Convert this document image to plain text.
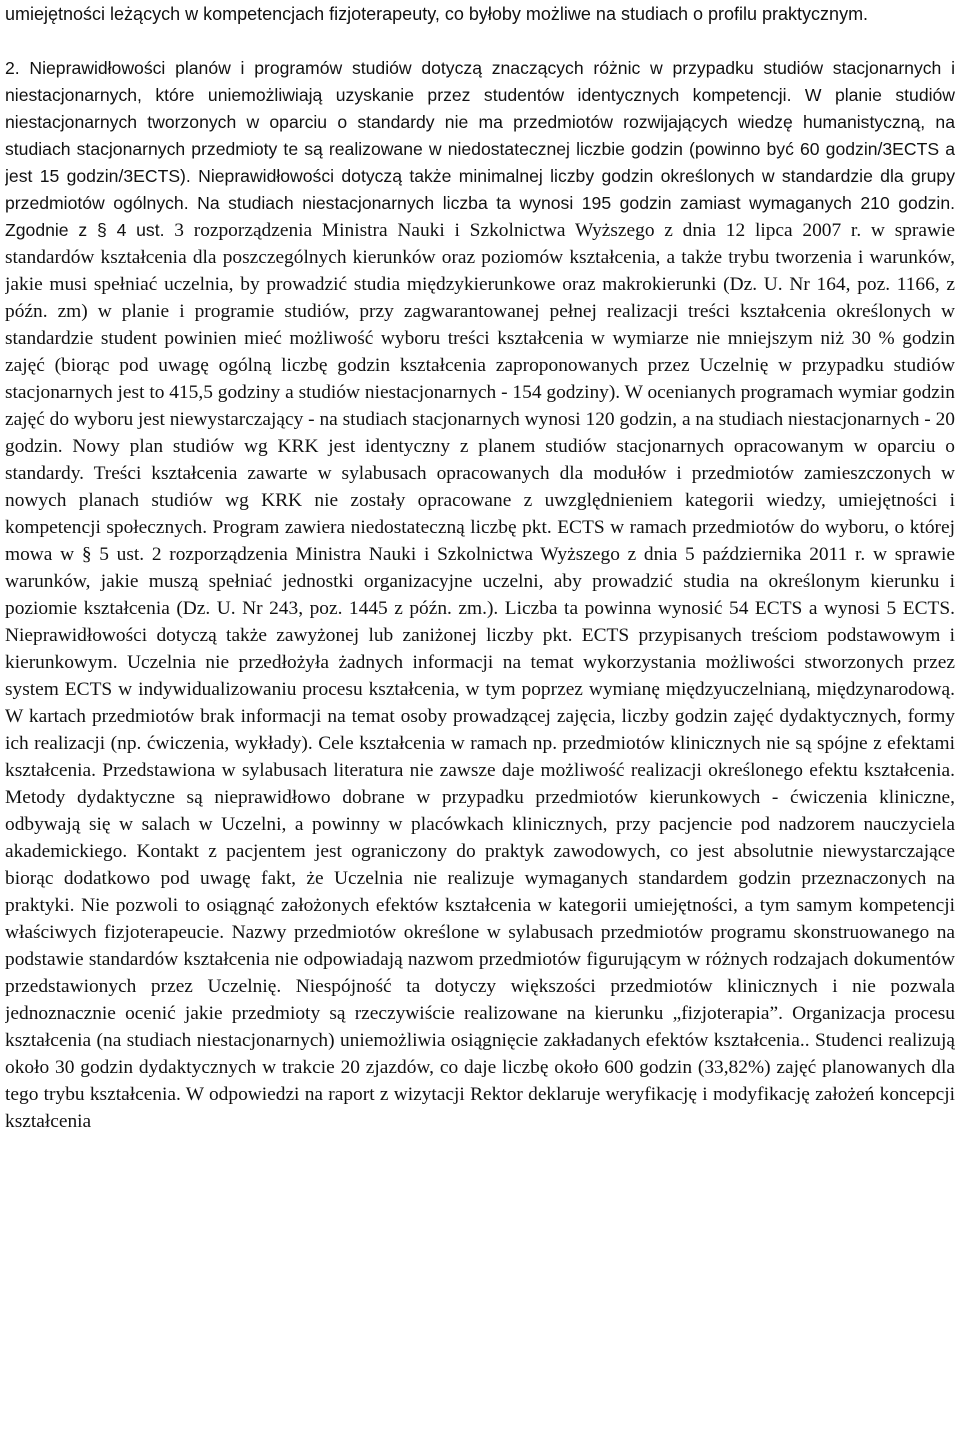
umiejętności leżących w kompetencjach fizjoterapeuty, co byłoby możliwe na studiach o profilu praktycznym.

2. Nieprawidłowości planów i programów studiów dotyczą znaczących różnic w przypadku studiów stacjonarnych i niestacjonarnych, które uniemożliwiają uzyskanie przez studentów identycznych kompetencji. W planie studiów niestacjonarnych tworzonych w oparciu o standardy nie ma przedmiotów rozwijających wiedzę humanistyczną, na studiach stacjonarnych przedmioty te są realizowane w niedostatecznej liczbie godzin (powinno być 60 godzin/3ECTS a jest 15 godzin/3ECTS). Nieprawidłowości dotyczą także minimalnej liczby godzin określonych w standardzie dla grupy przedmiotów ogólnych. Na studiach niestacjonarnych liczba ta wynosi 195 godzin zamiast wymaganych 210 godzin. Zgodnie z § 4 ust. 3 rozporządzenia Ministra Nauki i Szkolnictwa Wyższego z dnia 12 lipca 2007 r. w sprawie standardów kształcenia dla poszczególnych kierunków oraz poziomów kształcenia, a także trybu tworzenia i warunków, jakie musi spełniać uczelnia, by prowadzić studia międzykierunkowe oraz makrokierunki (Dz. U. Nr 164, poz. 1166, z późn. zm) w planie i programie studiów, przy zagwarantowanej pełnej realizacji treści kształcenia określonych w standardzie student powinien mieć możliwość wyboru treści kształcenia w wymiarze nie mniejszym niż 30 % godzin zajęć (biorąc pod uwagę ogólną liczbę godzin kształcenia zaproponowanych przez Uczelnię w przypadku studiów stacjonarnych jest to 415,5 godziny a studiów niestacjonarnych - 154 godziny). W ocenianych programach wymiar godzin zajęć do wyboru jest niewystarczający - na studiach stacjonarnych wynosi 120 godzin, a na studiach niestacjonarnych - 20 godzin. Nowy plan studiów wg KRK jest identyczny z planem studiów stacjonarnych opracowanym w oparciu o standardy. Treści kształcenia zawarte w sylabusach opracowanych dla modułów i przedmiotów zamieszczonych w nowych planach studiów wg KRK nie zostały opracowane z uwzględnieniem kategorii wiedzy, umiejętności i kompetencji społecznych. Program zawiera niedostateczną liczbę pkt. ECTS w ramach przedmiotów do wyboru, o której mowa w § 5 ust. 2 rozporządzenia Ministra Nauki i Szkolnictwa Wyższego z dnia 5 października 2011 r. w sprawie warunków, jakie muszą spełniać jednostki organizacyjne uczelni, aby prowadzić studia na określonym kierunku i poziomie kształcenia (Dz. U. Nr 243, poz. 1445 z późn. zm.). Liczba ta powinna wynosić 54 ECTS a wynosi 5 ECTS. Nieprawidłowości dotyczą także zawyżonej lub zaniżonej liczby pkt. ECTS przypisanych treściom podstawowym i kierunkowym. Uczelnia nie przedłożyła żadnych informacji na temat wykorzystania możliwości stworzonych przez system ECTS w indywidualizowaniu procesu kształcenia, w tym poprzez wymianę międzyuczelnianą, międzynarodową. W kartach przedmiotów brak informacji na temat osoby prowadzącej zajęcia, liczby godzin zajęć dydaktycznych, formy ich realizacji (np. ćwiczenia, wykłady). Cele kształcenia w ramach np. przedmiotów klinicznych nie są spójne z efektami kształcenia. Przedstawiona w sylabusach literatura nie zawsze daje możliwość realizacji określonego efektu kształcenia. Metody dydaktyczne są nieprawidłowo dobrane w przypadku przedmiotów kierunkowych - ćwiczenia kliniczne, odbywają się w salach w Uczelni, a powinny w placówkach klinicznych, przy pacjencie pod nadzorem nauczyciela akademickiego. Kontakt z pacjentem jest ograniczony do praktyk zawodowych, co jest absolutnie niewystarczające biorąc dodatkowo pod uwagę fakt, że Uczelnia nie realizuje wymaganych standardem godzin przeznaczonych na praktyki. Nie pozwoli to osiągnąć założonych efektów kształcenia w kategorii umiejętności, a tym samym kompetencji właściwych fizjoterapeucie. Nazwy przedmiotów określone w sylabusach przedmiotów programu skonstruowanego na podstawie standardów kształcenia nie odpowiadają nazwom przedmiotów figurującym w różnych rodzajach dokumentów przedstawionych przez Uczelnię. Niespójność ta dotyczy większości przedmiotów klinicznych i nie pozwala jednoznacznie ocenić jakie przedmioty są rzeczywiście realizowane na kierunku „fizjoterapia”. Organizacja procesu kształcenia (na studiach niestacjonarnych) uniemożliwia osiągnięcie zakładanych efektów kształcenia.. Studenci realizują około 30 godzin dydaktycznych w trakcie 20 zjazdów, co daje liczbę około 600 godzin (33,82%) zajęć planowanych dla tego trybu kształcenia. W odpowiedzi na raport z wizytacji Rektor deklaruje weryfikację i modyfikację założeń koncepcji kształcenia
